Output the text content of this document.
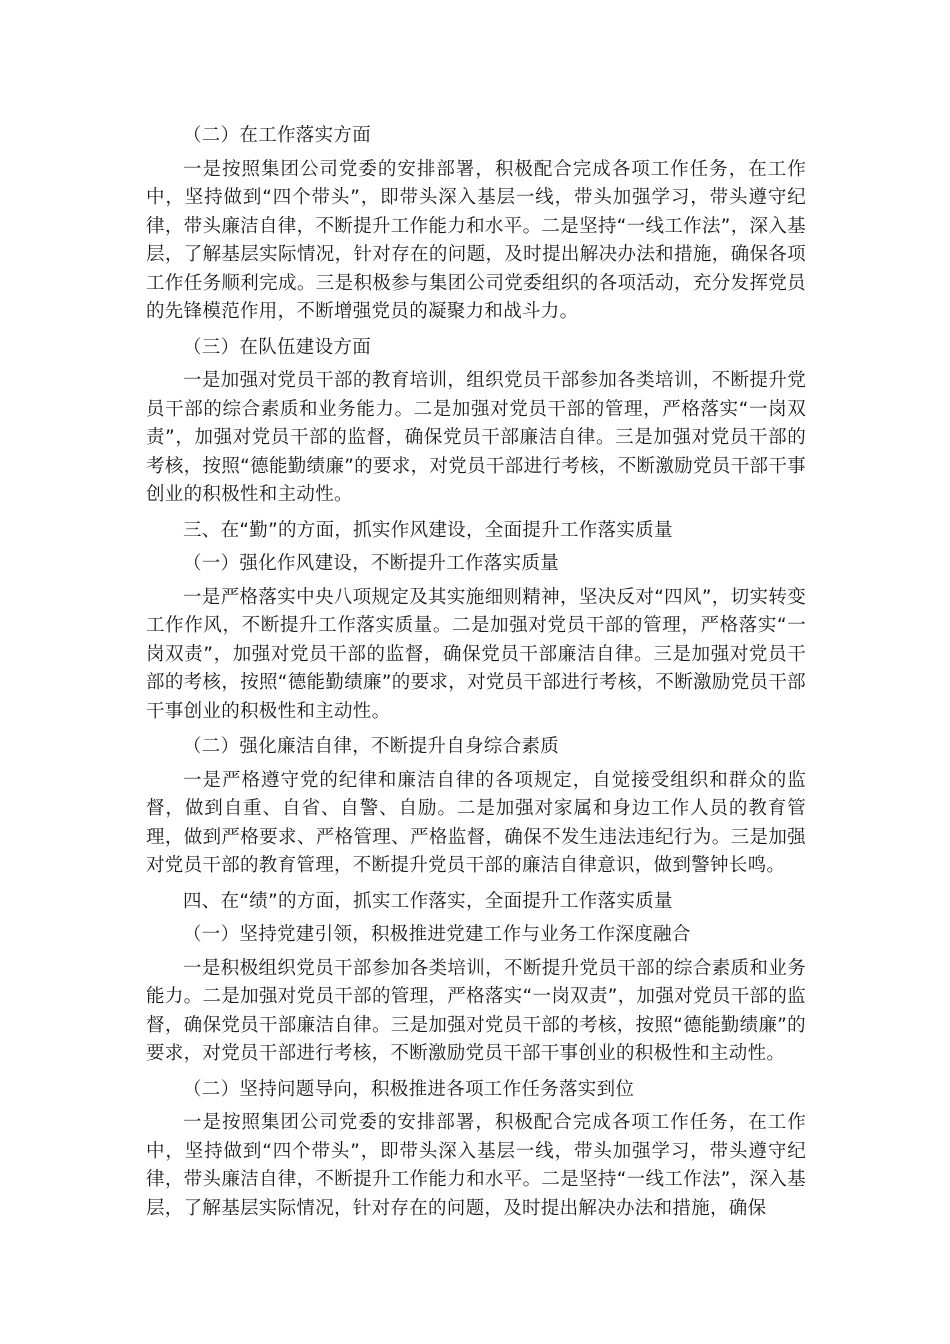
（二）在工作落实方面

一是按照集团公司党委的安排部署，积极配合完成各项工作任务，在工作中，坚持做到“四个带头”，即带头深入基层一线，带头加强学习，带头遵守纪律，带头廉洁自律，不断提升工作能力和水平。二是坚持“一线工作法”，深入基层，了解基层实际情况，针对存在的问题，及时提出解决办法和措施，确保各项工作任务顺利完成。三是积极参与集团公司党委组织的各项活动，充分发挥党员的先锋模范作用，不断增强党员的凝聚力和战斗力。

（三）在队伍建设方面

一是加强对党员干部的教育培训，组织党员干部参加各类培训，不断提升党员干部的综合素质和业务能力。二是加强对党员干部的管理，严格落实“一岗双责”，加强对党员干部的监督，确保党员干部廉洁自律。三是加强对党员干部的考核，按照“德能勤绩廉”的要求，对党员干部进行考核，不断激励党员干部干事创业的积极性和主动性。

三、在“勤”的方面，抓实作风建设，全面提升工作落实质量

（一）强化作风建设，不断提升工作落实质量

一是严格落实中央八项规定及其实施细则精神，坚决反对“四风”，切实转变工作作风，不断提升工作落实质量。二是加强对党员干部的管理，严格落实“一岗双责”，加强对党员干部的监督，确保党员干部廉洁自律。三是加强对党员干部的考核，按照“德能勤绩廉”的要求，对党员干部进行考核，不断激励党员干部干事创业的积极性和主动性。

（二）强化廉洁自律，不断提升自身综合素质

一是严格遵守党的纪律和廉洁自律的各项规定，自觉接受组织和群众的监督，做到自重、自省、自警、自励。二是加强对家属和身边工作人员的教育管理，做到严格要求、严格管理、严格监督，确保不发生违法违纪行为。三是加强对党员干部的教育管理，不断提升党员干部的廉洁自律意识，做到警钟长鸣。

四、在“绩”的方面，抓实工作落实，全面提升工作落实质量

（一）坚持党建引领，积极推进党建工作与业务工作深度融合

一是积极组织党员干部参加各类培训，不断提升党员干部的综合素质和业务能力。二是加强对党员干部的管理，严格落实“一岗双责”，加强对党员干部的监督，确保党员干部廉洁自律。三是加强对党员干部的考核，按照“德能勤绩廉”的要求，对党员干部进行考核，不断激励党员干部干事创业的积极性和主动性。

（二）坚持问题导向，积极推进各项工作任务落实到位

一是按照集团公司党委的安排部署，积极配合完成各项工作任务，在工作中，坚持做到“四个带头”，即带头深入基层一线，带头加强学习，带头遵守纪律，带头廉洁自律，不断提升工作能力和水平。二是坚持“一线工作法”，深入基层，了解基层实际情况，针对存在的问题，及时提出解决办法和措施，确保
